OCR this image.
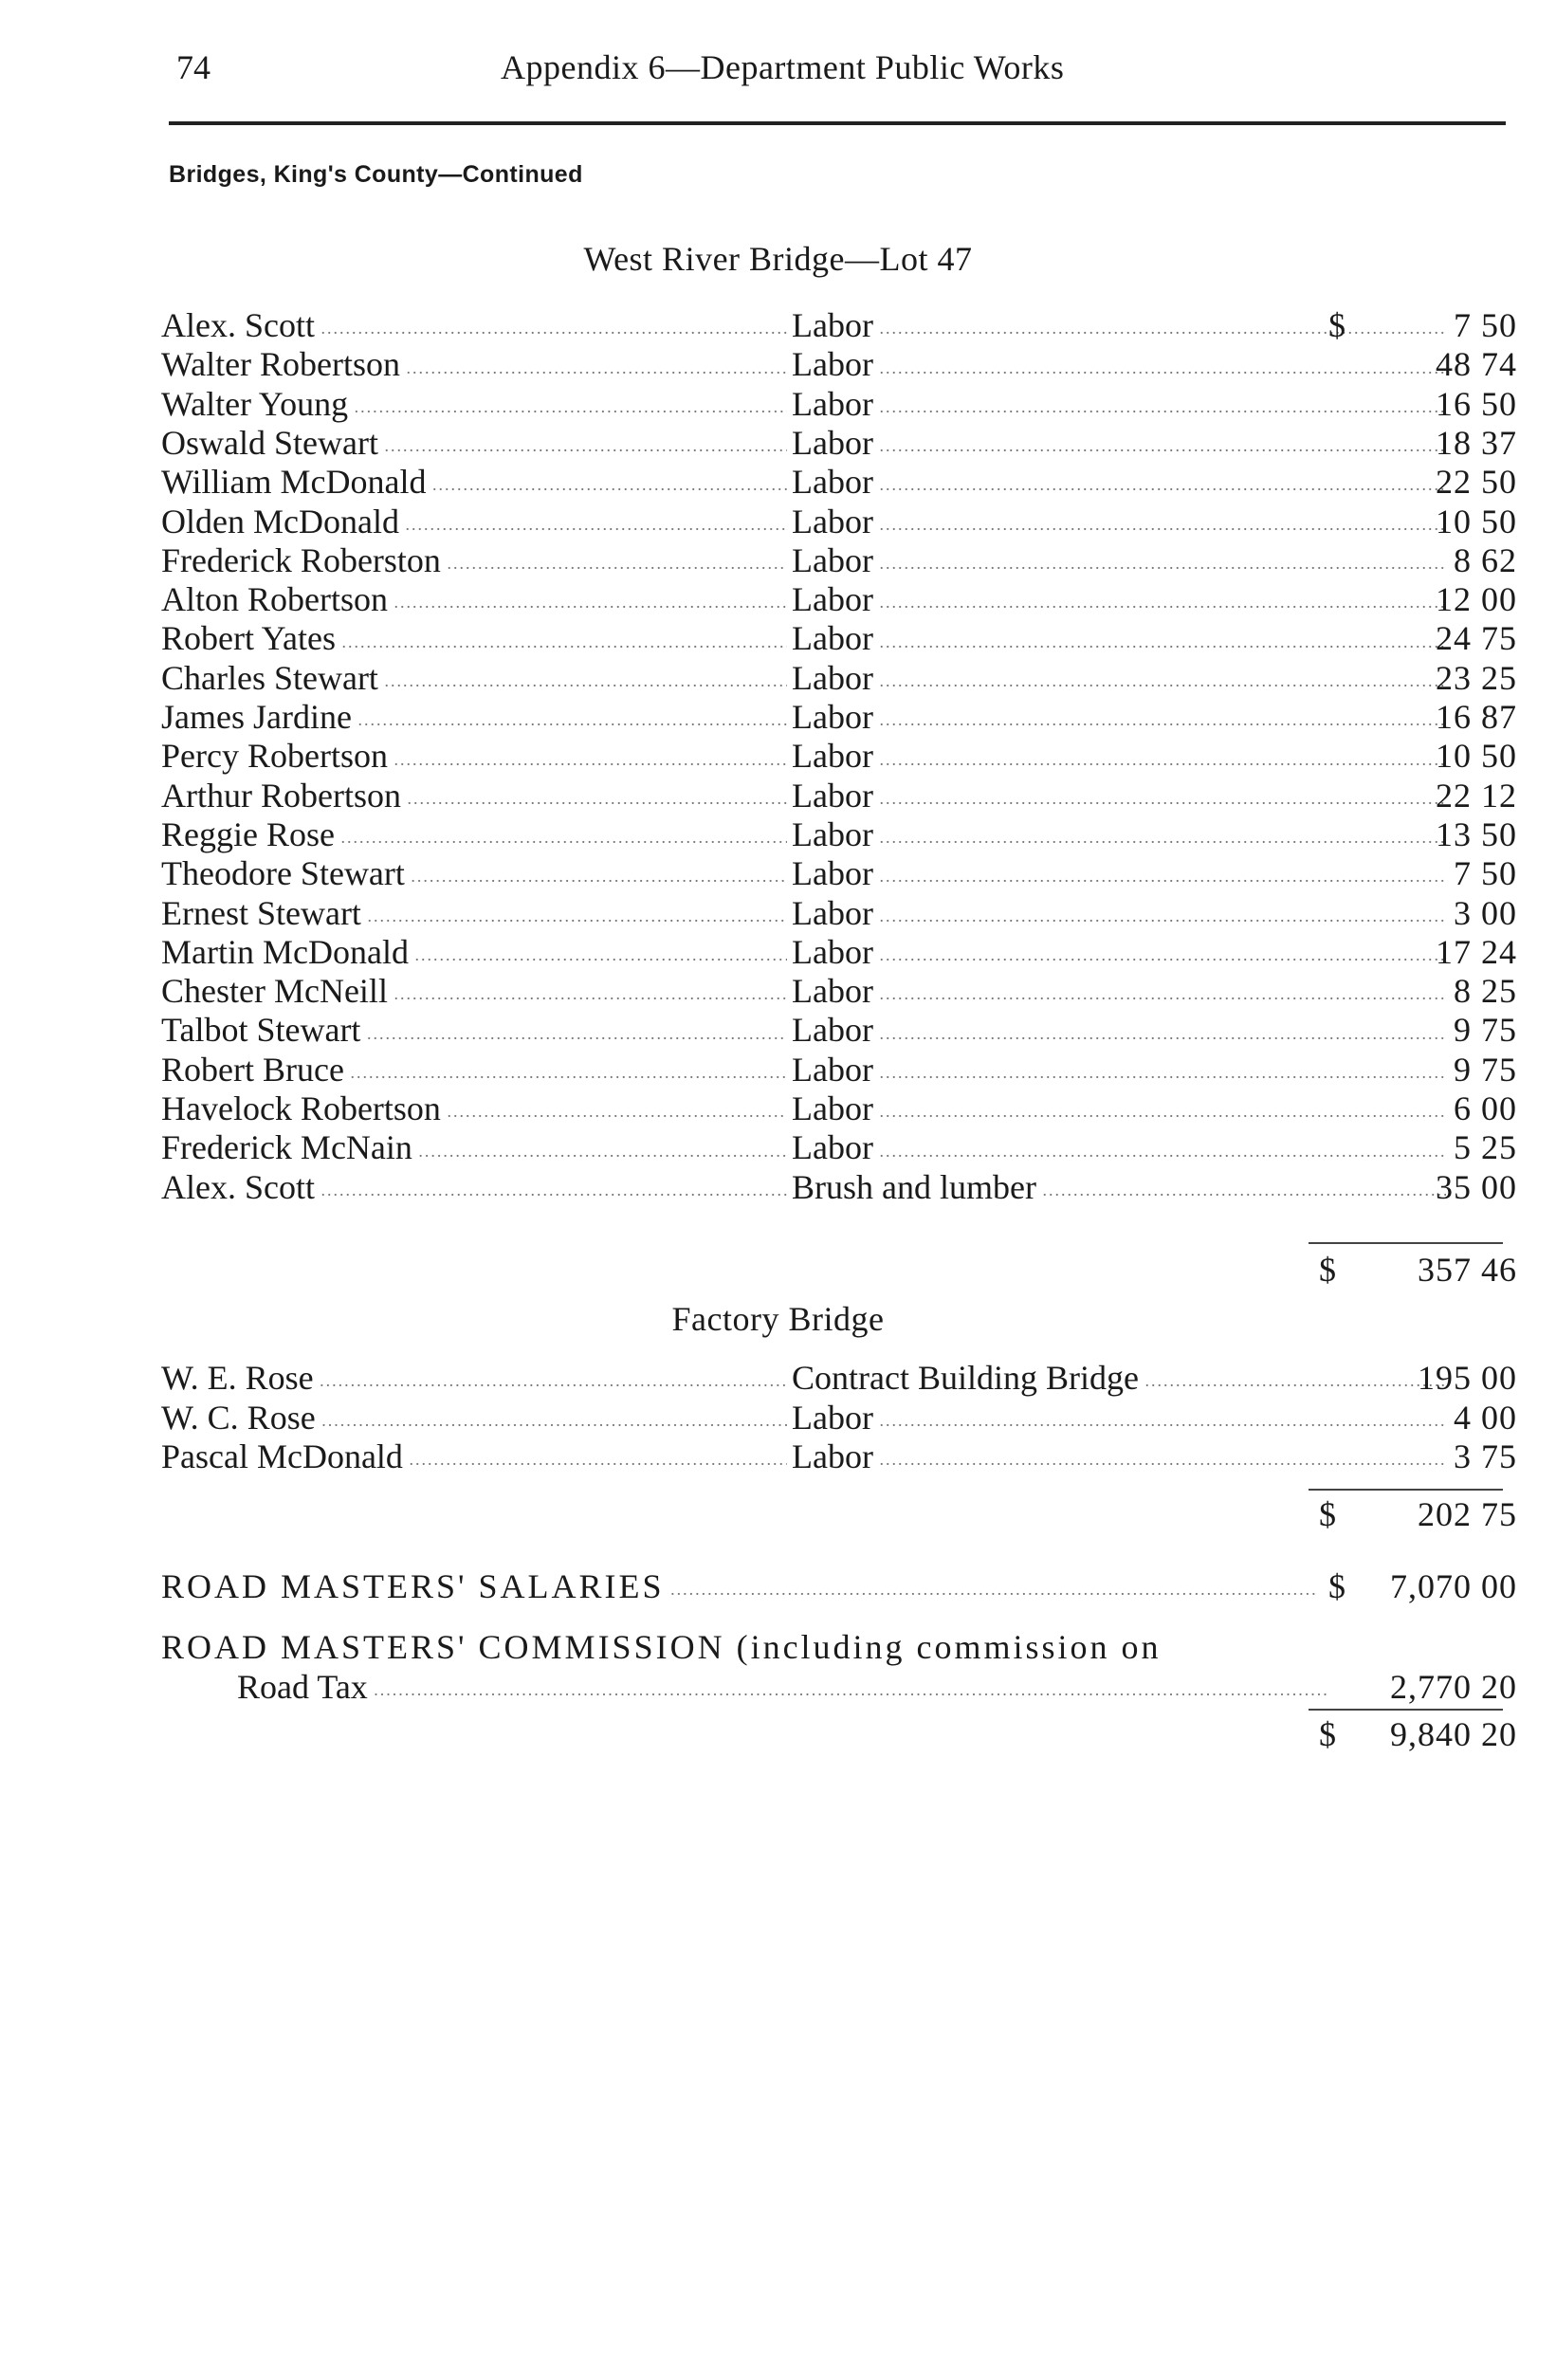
74	Appendix 6—Department Public Works
Bridges, King's County—Continued
West River Bridge—Lot 47
Alex. Scott .....	Labor .....	$	7 50
Walter Robertson .....	Labor .....	48 74
Walter Young .....	Labor .....	16 50
Oswald Stewart .....	Labor .....	18 37
William McDonald .....	Labor .....	22 50
Olden McDonald .....	Labor .....	10 50
Frederick Roberston .....	Labor .....	8 62
Alton Robertson .....	Labor .....	12 00
Robert Yates .....	Labor .....	24 75
Charles Stewart .....	Labor .....	23 25
James Jardine .....	Labor .....	16 87
Percy Robertson .....	Labor .....	10 50
Arthur Robertson .....	Labor .....	22 12
Reggie Rose .....	Labor .....	13 50
Theodore Stewart .....	Labor .....	7 50
Ernest Stewart .....	Labor .....	3 00
Martin McDonald .....	Labor .....	17 24
Chester McNeill .....	Labor .....	8 25
Talbot Stewart .....	Labor .....	9 75
Robert Bruce .....	Labor .....	9 75
Havelock Robertson .....	Labor .....	6 00
Frederick McNain .....	Labor .....	5 25
Alex. Scott .....	Brush and lumber .....	35 00
$	357 46
Factory Bridge
W. E. Rose .....	Contract Building Bridge .....	195 00
W. C. Rose .....	Labor .....	4 00
Pascal McDonald .....	Labor .....	3 75
$	202 75
ROAD MASTERS' SALARIES .....	$	7,070 00
ROAD MASTERS' COMMISSION (including commission on
Road Tax .....	2,770 20
$	9,840 20
